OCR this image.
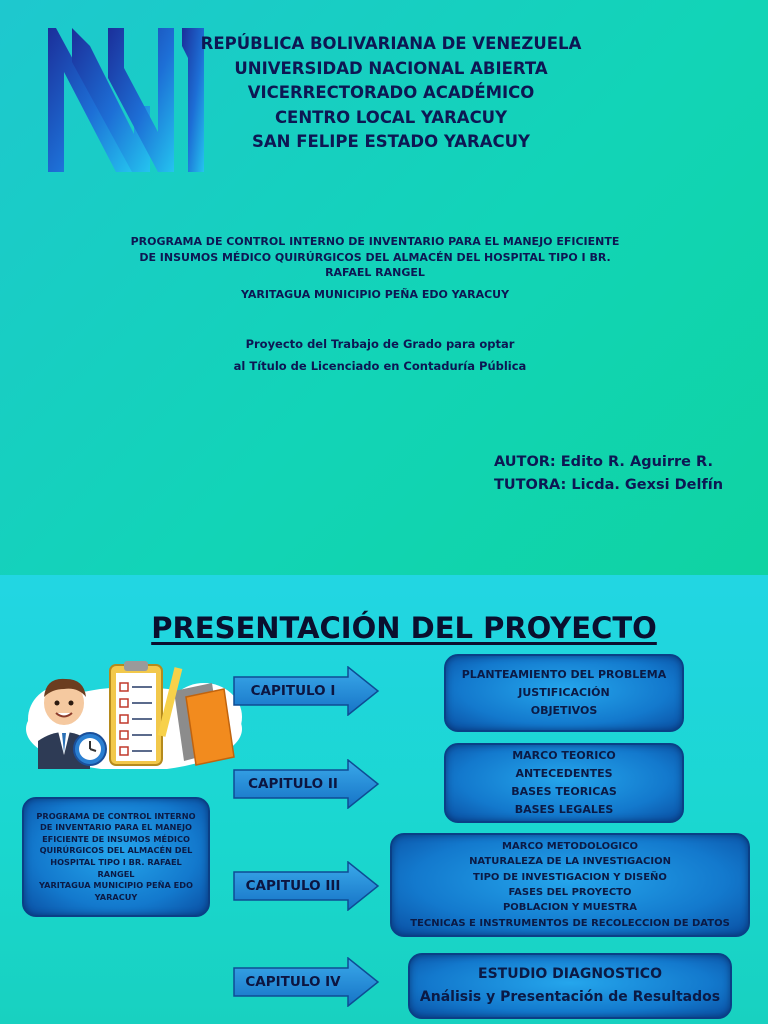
REPÚBLICA BOLIVARIANA DE VENEZUELA
UNIVERSIDAD NACIONAL ABIERTA
VICERRECTORADO ACADÉMICO
CENTRO LOCAL YARACUY
SAN FELIPE ESTADO YARACUY
PROGRAMA DE CONTROL INTERNO DE INVENTARIO PARA EL MANEJO EFICIENTE
DE INSUMOS MÉDICO QUIRÚRGICOS DEL ALMACÉN DEL HOSPITAL TIPO I BR.
RAFAEL RANGEL
YARITAGUA MUNICIPIO PEÑA EDO YARACUY
Proyecto del Trabajo de Grado para optar
al Título de Licenciado en Contaduría Pública
AUTOR: Edito R. Aguirre R.
TUTORA: Licda. Gexsi Delfín
PRESENTACIÓN DEL PROYECTO
CAPITULO I
CAPITULO II
CAPITULO III
CAPITULO IV
PLANTEAMIENTO DEL PROBLEMA
JUSTIFICACIÓN
OBJETIVOS
MARCO TEORICO
ANTECEDENTES
BASES TEORICAS
BASES LEGALES
MARCO METODOLOGICO
NATURALEZA DE LA INVESTIGACION
TIPO DE INVESTIGACION Y DISEÑO
FASES DEL PROYECTO
POBLACION Y MUESTRA
TECNICAS E INSTRUMENTOS DE RECOLECCION DE DATOS
ESTUDIO DIAGNOSTICO
Análisis y Presentación de Resultados
PROGRAMA DE CONTROL INTERNO
DE INVENTARIO PARA EL MANEJO
EFICIENTE DE INSUMOS MÉDICO
QUIRÚRGICOS DEL ALMACÉN DEL
HOSPITAL TIPO I BR. RAFAEL
RANGEL
YARITAGUA MUNICIPIO PEÑA EDO
YARACUY
